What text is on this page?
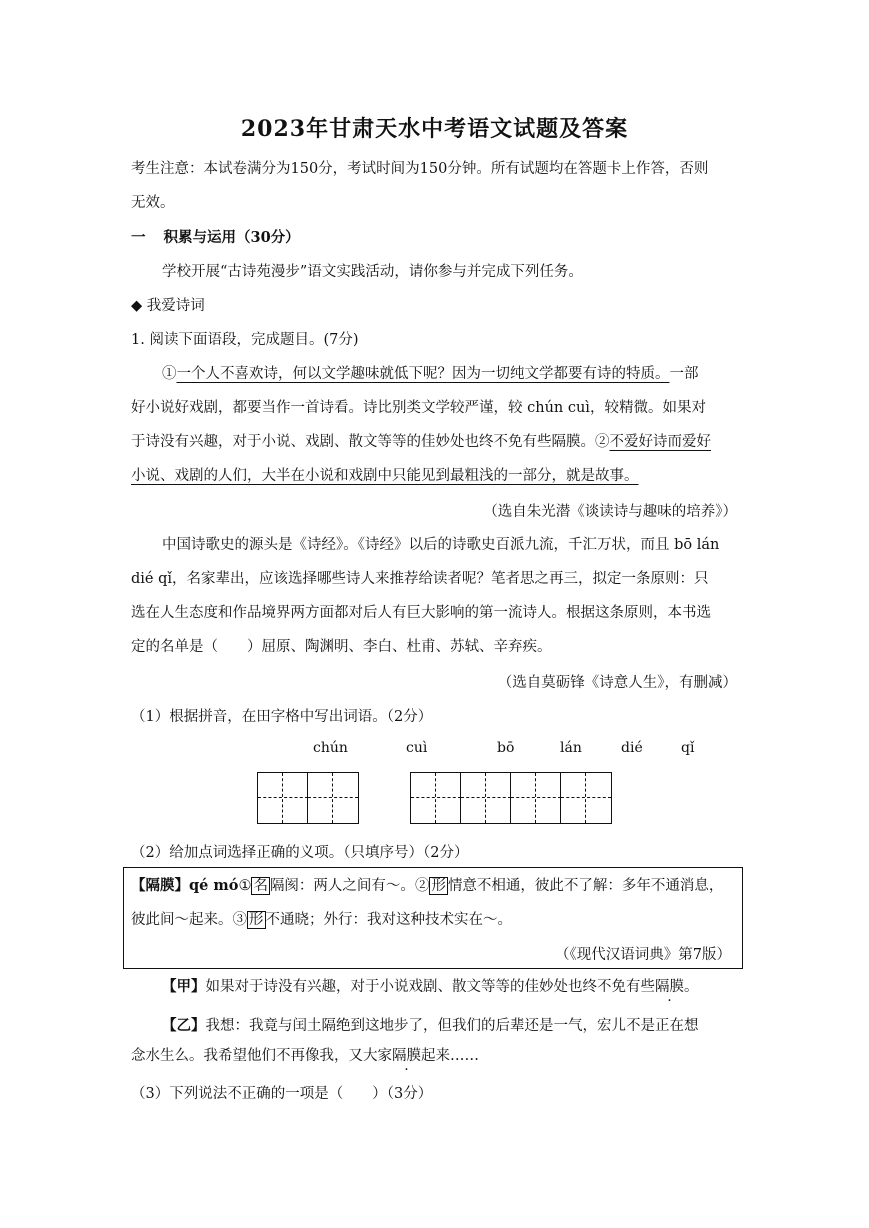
2023年甘肃天水中考语文试题及答案
考生注意：本试卷满分为150分，考试时间为150分钟。所有试题均在答题卡上作答，否则
无效。
一 积累与运用（30分）
学校开展“古诗苑漫步”语文实践活动，请你参与并完成下列任务。
◆ 我爱诗词
1. 阅读下面语段，完成题目。(7分)
①一个人不喜欢诗，何以文学趣味就低下呢？因为一切纯文学都要有诗的特质。一部
好小说好戏剧，都要当作一首诗看。诗比别类文学较严谨，较 chún cuì，较精微。如果对
于诗没有兴趣，对于小说、戏剧、散文等等的佳妙处也终不免有些隔膜。②不爱好诗而爱好
小说、戏剧的人们，大半在小说和戏剧中只能见到最粗浅的一部分，就是故事。
（选自朱光潜《谈读诗与趣味的培养》）
中国诗歌史的源头是《诗经》。《诗经》以后的诗歌史百派九流，千汇万状，而且 bō lán
dié qǐ，名家辈出，应该选择哪些诗人来推荐给读者呢？笔者思之再三，拟定一条原则：只
选在人生态度和作品境界两方面都对后人有巨大影响的第一流诗人。根据这条原则，本书选
定的名单是（　　）屈原、陶渊明、李白、杜甫、苏轼、辛弃疾。
（选自莫砺锋《诗意人生》，有删减）
（1）根据拼音，在田字格中写出词语。（2分）
chún	cuì	bō	lán	dié	qǐ
（2）给加点词选择正确的义项。（只填序号）（2分）
【隔膜】qé mó① 名 隔阂：两人之间有～。② 形 情意不相通，彼此不了解：多年不通消息，
彼此间～起来。③ 形 不通晓；外行：我对这种技术实在～。
（《现代汉语词典》第7版）
【甲】如果对于诗没有兴趣，对于小说戏剧、散文等等的佳妙处也终不免有些隔膜。
【乙】我想：我竟与闰土隔绝到这地步了，但我们的后辈还是一气，宏儿不是正在想
念水生么。我希望他们不再像我，又大家隔膜起来……
（3）下列说法不正确的一项是（　　）（3分）
